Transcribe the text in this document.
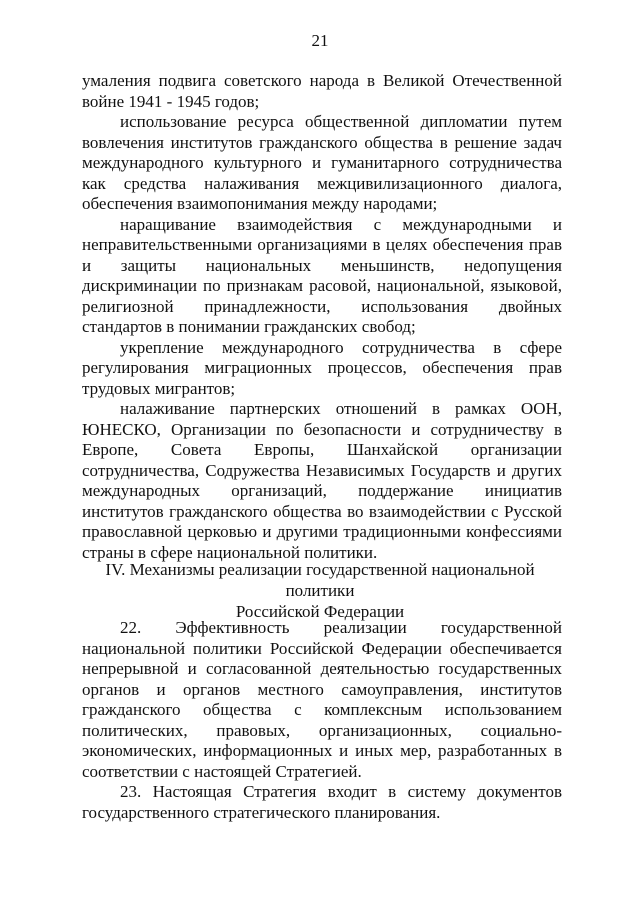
21

умаления подвига советского народа в Великой Отечественной войне 1941 - 1945 годов;

использование ресурса общественной дипломатии путем вовлечения институтов гражданского общества в решение задач международного культурного и гуманитарного сотрудничества как средства налаживания межцивилизационного диалога, обеспечения взаимопонимания между народами;

наращивание взаимодействия с международными и неправительственными организациями в целях обеспечения прав и защиты национальных меньшинств, недопущения дискриминации по признакам расовой, национальной, языковой, религиозной принадлежности, использования двойных стандартов в понимании гражданских свобод;

укрепление международного сотрудничества в сфере регулирования миграционных процессов, обеспечения прав трудовых мигрантов;

налаживание партнерских отношений в рамках ООН, ЮНЕСКО, Организации по безопасности и сотрудничеству в Европе, Совета Европы, Шанхайской организации сотрудничества, Содружества Независимых Государств и других международных организаций, поддержание инициатив институтов гражданского общества во взаимодействии с Русской православной церковью и другими традиционными конфессиями страны в сфере национальной политики.

IV. Механизмы реализации государственной национальной политики
Российской Федерации

22. Эффективность реализации государственной национальной политики Российской Федерации обеспечивается непрерывной и согласованной деятельностью государственных органов и органов местного самоуправления, институтов гражданского общества с комплексным использованием политических, правовых, организационных, социально-экономических, информационных и иных мер, разработанных в соответствии с настоящей Стратегией.

23. Настоящая Стратегия входит в систему документов государственного стратегического планирования.
